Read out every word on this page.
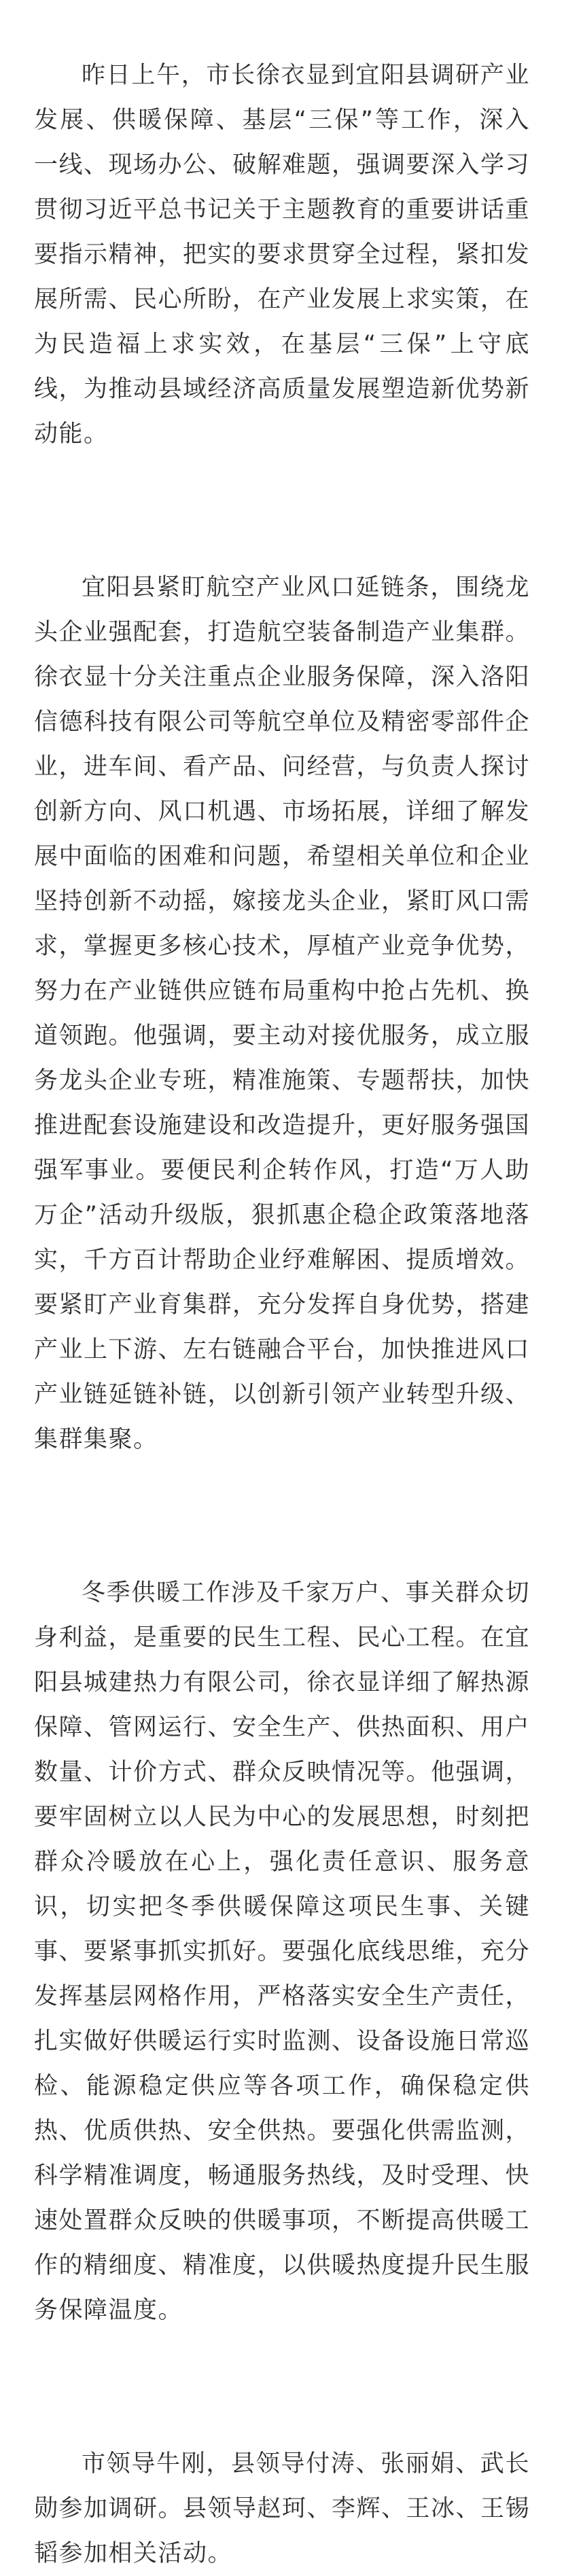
昨日上午，市长徐衣显到宜阳县调研产业发展、供暖保障、基层“三保”等工作，深入一线、现场办公、破解难题，强调要深入学习贯彻习近平总书记关于主题教育的重要讲话重要指示精神，把实的要求贯穿全过程，紧扣发展所需、民心所盼，在产业发展上求实策，在为民造福上求实效，在基层“三保”上守底线，为推动县域经济高质量发展塑造新优势新动能。

宜阳县紧盯航空产业风口延链条，围绕龙头企业强配套，打造航空装备制造产业集群。徐衣显十分关注重点企业服务保障，深入洛阳信德科技有限公司等航空单位及精密零部件企业，进车间、看产品、问经营，与负责人探讨创新方向、风口机遇、市场拓展，详细了解发展中面临的困难和问题，希望相关单位和企业坚持创新不动摇，嫁接龙头企业，紧盯风口需求，掌握更多核心技术，厚植产业竞争优势，努力在产业链供应链布局重构中抢占先机、换道领跑。他强调，要主动对接优服务，成立服务龙头企业专班，精准施策、专题帮扶，加快推进配套设施建设和改造提升，更好服务强国强军事业。要便民利企转作风，打造“万人助万企”活动升级版，狠抓惠企稳企政策落地落实，千方百计帮助企业纾难解困、提质增效。要紧盯产业育集群，充分发挥自身优势，搭建产业上下游、左右链融合平台，加快推进风口产业链延链补链，以创新引领产业转型升级、集群集聚。

冬季供暖工作涉及千家万户、事关群众切身利益，是重要的民生工程、民心工程。在宜阳县城建热力有限公司，徐衣显详细了解热源保障、管网运行、安全生产、供热面积、用户数量、计价方式、群众反映情况等。他强调，要牢固树立以人民为中心的发展思想，时刻把群众冷暖放在心上，强化责任意识、服务意识，切实把冬季供暖保障这项民生事、关键事、要紧事抓实抓好。要强化底线思维，充分发挥基层网格作用，严格落实安全生产责任，扎实做好供暖运行实时监测、设备设施日常巡检、能源稳定供应等各项工作，确保稳定供热、优质供热、安全供热。要强化供需监测，科学精准调度，畅通服务热线，及时受理、快速处置群众反映的供暖事项，不断提高供暖工作的精细度、精准度，以供暖热度提升民生服务保障温度。

市领导牛刚，县领导付涛、张丽娟、武长勋参加调研。县领导赵珂、李辉、王冰、王锡韬参加相关活动。
